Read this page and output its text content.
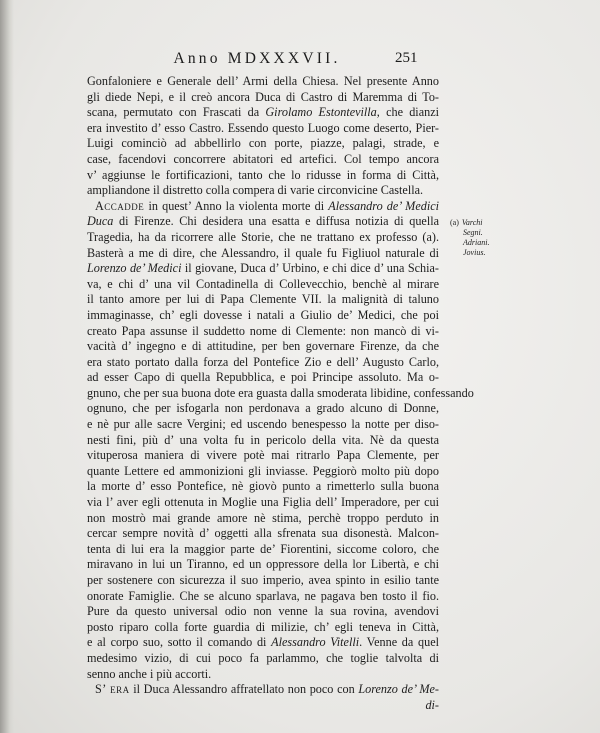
Anno MDXXXVII.	251
Gonfaloniere e Generale dell’ Armi della Chiesa. Nel presente Anno
gli diede Nepi, e il creò ancora Duca di Castro di Maremma di To-
scana, permutato con Frascati da Girolamo Estontevilla, che dianzi
era investito d’ esso Castro. Essendo questo Luogo come deserto, Pier-
Luigi cominciò ad abbellirlo con porte, piazze, palagi, strade, e
case, facendovi concorrere abitatori ed artefici. Col tempo ancora
v’ aggiunse le fortificazioni, tanto che lo ridusse in forma di Città,
ampliandone il distretto colla compera di varie circonvicine Castella.
Accadde in quest’ Anno la violenta morte di Alessandro de’ Medici
Duca di Firenze. Chi desidera una esatta e diffusa notizia di quella
Tragedia, ha da ricorrere alle Storie, che ne trattano ex professo (a).
Basterà a me di dire, che Alessandro, il quale fu Figliuol naturale di
Lorenzo de’ Medici il giovane, Duca d’ Urbino, e chi dice d’ una Schia-
va, e chi d’ una vil Contadinella di Collevecchio, benchè al mirare
il tanto amore per lui di Papa Clemente VII. la malignità di taluno
immaginasse, ch’ egli dovesse i natali a Giulio de’ Medici, che poi
creato Papa assunse il suddetto nome di Clemente: non mancò di vi-
vacità d’ ingegno e di attitudine, per ben governare Firenze, da che
era stato portato dalla forza del Pontefice Zio e dell’ Augusto Carlo,
ad esser Capo di quella Repubblica, e poi Principe assoluto. Ma o-
gnuno, che per sua buona dote era guasta dalla smoderata libidine, confessando
ognuno, che per isfogarla non perdonava a grado alcuno di Donne,
e nè pur alle sacre Vergini; ed uscendo benespesso la notte per diso-
nesti fini, più d’ una volta fu in pericolo della vita. Nè da questa
vituperosa maniera di vivere potè mai ritrarlo Papa Clemente, per
quante Lettere ed ammonizioni gli inviasse. Peggiorò molto più dopo
la morte d’ esso Pontefice, nè giovò punto a rimetterlo sulla buona
via l’ aver egli ottenuta in Moglie una Figlia dell’ Imperadore, per cui
non mostrò mai grande amore nè stima, perchè troppo perduto in
cercar sempre novità d’ oggetti alla sfrenata sua disonestà. Malcon-
tenta di lui era la maggior parte de’ Fiorentini, siccome coloro, che
miravano in lui un Tiranno, ed un oppressore della lor Libertà, e chi
per sostenere con sicurezza il suo imperio, avea spinto in esilio tante
onorate Famiglie. Che se alcuno sparlava, ne pagava ben tosto il fio.
Pure da questo universal odio non venne la sua rovina, avendovi
posto riparo colla forte guardia di milizie, ch’ egli teneva in Città,
e al corpo suo, sotto il comando di Alessandro Vitelli. Venne da quel
medesimo vizio, di cui poco fa parlammo, che toglie talvolta di
senno anche i più accorti.
S’ era il Duca Alessandro affratellato non poco con Lorenzo de’ Me-
di-
(a) Varchi
Segni.
Adriani.
Jovius.
